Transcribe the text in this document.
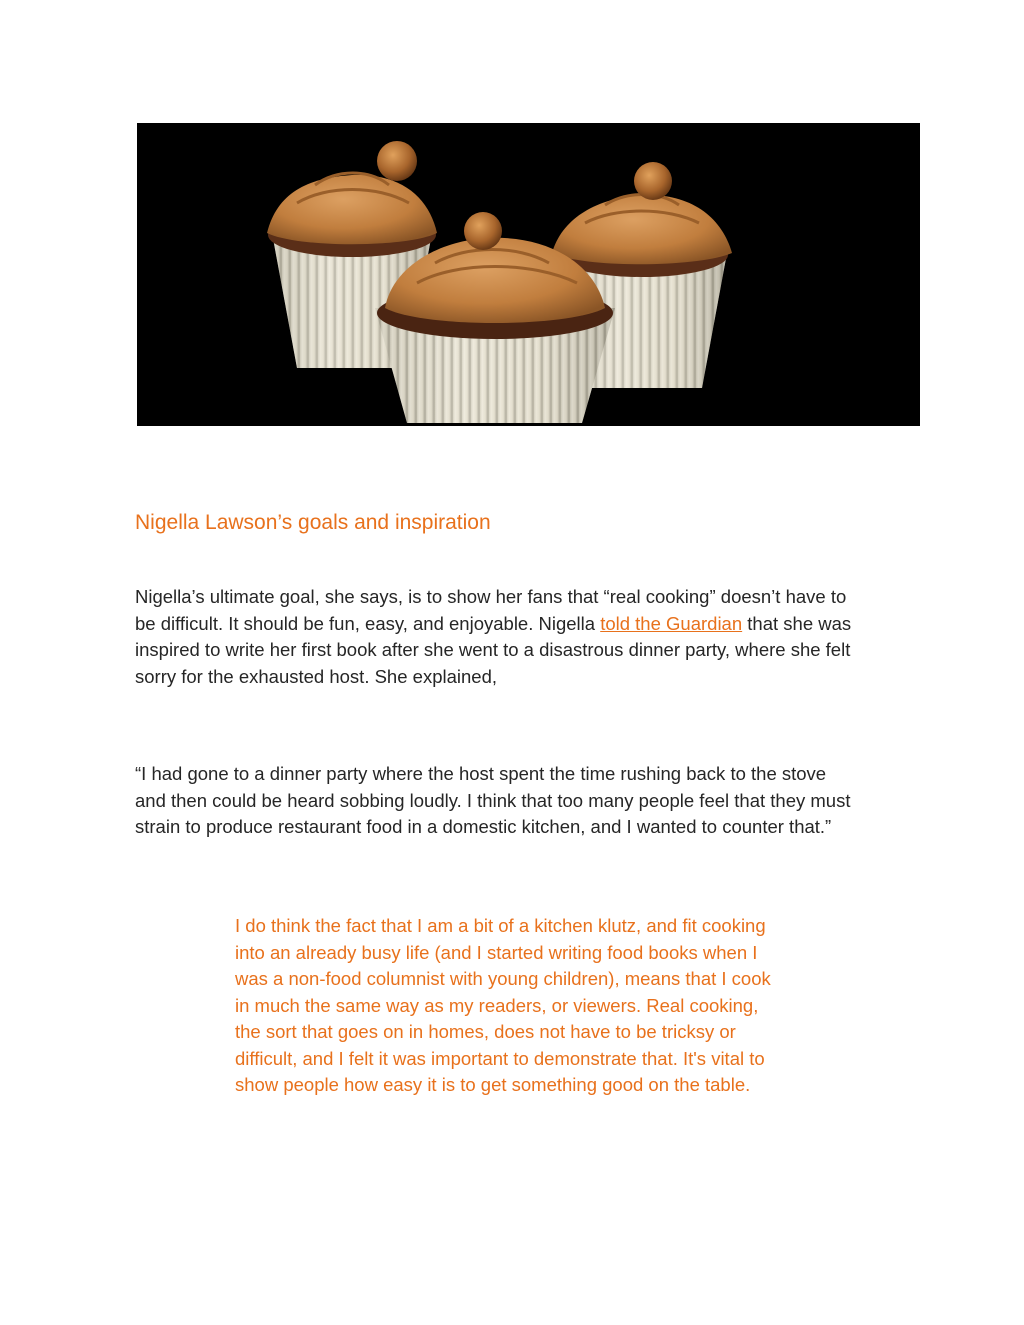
Nigella Lawson’s goals and inspiration

Nigella’s ultimate goal, she says, is to show her fans that “real cooking” doesn’t have to be difficult. It should be fun, easy, and enjoyable. Nigella told the Guardian that she was inspired to write her first book after she went to a disastrous dinner party, where she felt sorry for the exhausted host. She explained,

“I had gone to a dinner party where the host spent the time rushing back to the stove and then could be heard sobbing loudly. I think that too many people feel that they must strain to produce restaurant food in a domestic kitchen, and I wanted to counter that.”

I do think the fact that I am a bit of a kitchen klutz, and fit cooking into an already busy life (and I started writing food books when I was a non-food columnist with young children), means that I cook in much the same way as my readers, or viewers. Real cooking, the sort that goes on in homes, does not have to be tricksy or difficult, and I felt it was important to demonstrate that. It's vital to show people how easy it is to get something good on the table.
